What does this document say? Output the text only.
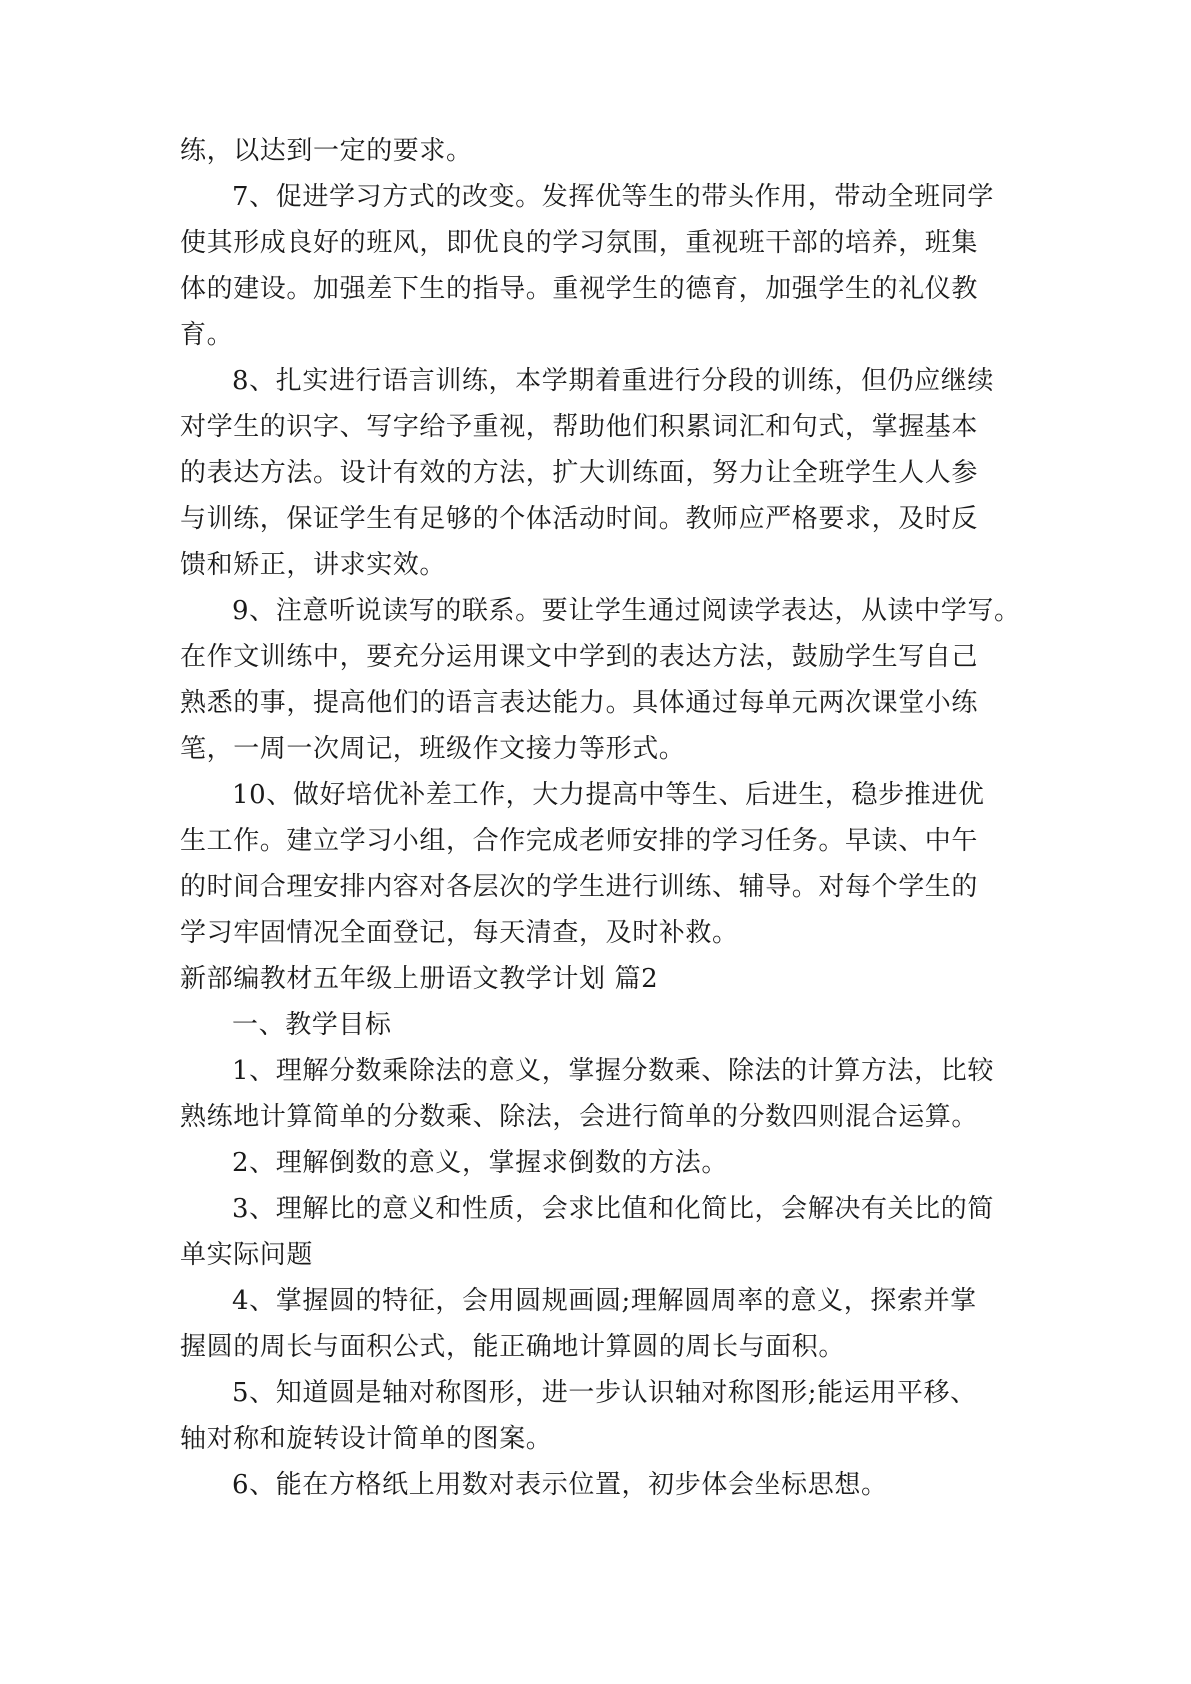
练，以达到一定的要求。
7、促进学习方式的改变。发挥优等生的带头作用，带动全班同学
使其形成良好的班风，即优良的学习氛围，重视班干部的培养，班集
体的建设。加强差下生的指导。重视学生的德育，加强学生的礼仪教
育。
8、扎实进行语言训练，本学期着重进行分段的训练，但仍应继续
对学生的识字、写字给予重视，帮助他们积累词汇和句式，掌握基本
的表达方法。设计有效的方法，扩大训练面，努力让全班学生人人参
与训练，保证学生有足够的个体活动时间。教师应严格要求，及时反
馈和矫正，讲求实效。
9、注意听说读写的联系。要让学生通过阅读学表达，从读中学写。
在作文训练中，要充分运用课文中学到的表达方法，鼓励学生写自己
熟悉的事，提高他们的语言表达能力。具体通过每单元两次课堂小练
笔，一周一次周记，班级作文接力等形式。
10、做好培优补差工作，大力提高中等生、后进生，稳步推进优
生工作。建立学习小组，合作完成老师安排的学习任务。早读、中午
的时间合理安排内容对各层次的学生进行训练、辅导。对每个学生的
学习牢固情况全面登记，每天清查，及时补救。
新部编教材五年级上册语文教学计划 篇2
一、教学目标
1、理解分数乘除法的意义，掌握分数乘、除法的计算方法，比较
熟练地计算简单的分数乘、除法，会进行简单的分数四则混合运算。
2、理解倒数的意义，掌握求倒数的方法。
3、理解比的意义和性质，会求比值和化简比，会解决有关比的简
单实际问题
4、掌握圆的特征，会用圆规画圆;理解圆周率的意义，探索并掌
握圆的周长与面积公式，能正确地计算圆的周长与面积。
5、知道圆是轴对称图形，进一步认识轴对称图形;能运用平移、
轴对称和旋转设计简单的图案。
6、能在方格纸上用数对表示位置，初步体会坐标思想。
